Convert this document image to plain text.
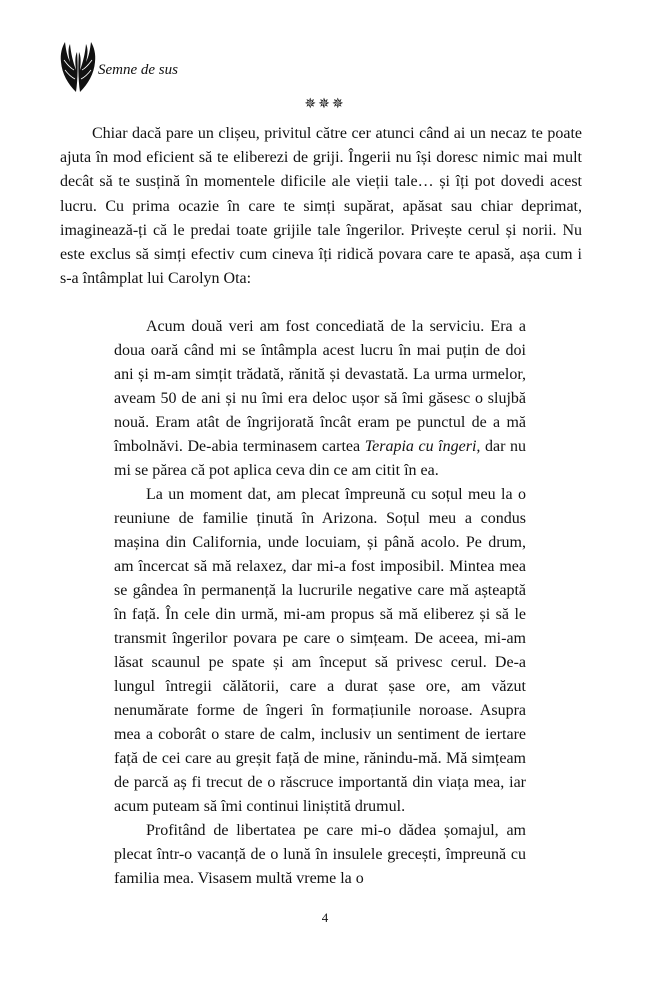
Semne de sus
✵✵✵

Chiar dacă pare un clișeu, privitul către cer atunci când ai un necaz te poate ajuta în mod eficient să te eliberezi de griji. Îngerii nu își doresc nimic mai mult decât să te susțină în momentele dificile ale vieții tale… și îți pot dovedi acest lucru. Cu prima ocazie în care te simți supărat, apăsat sau chiar deprimat, imaginează-ți că le predai toate grijile tale îngerilor. Privește cerul și norii. Nu este exclus să simți efectiv cum cineva îți ridică povara care te apasă, așa cum i s-a întâmplat lui Carolyn Ota:

Acum două veri am fost concediată de la serviciu. Era a doua oară când mi se întâmpla acest lucru în mai puțin de doi ani și m-am simțit trădată, rănită și devastată. La urma urmelor, aveam 50 de ani și nu îmi era deloc ușor să îmi găsesc o slujbă nouă. Eram atât de îngrijorată încât eram pe punctul de a mă îmbolnăvi. De-abia terminasem cartea Terapia cu îngeri, dar nu mi se părea că pot aplica ceva din ce am citit în ea.

La un moment dat, am plecat împreună cu soțul meu la o reuniune de familie ținută în Arizona. Soțul meu a condus mașina din California, unde locuiam, și până acolo. Pe drum, am încercat să mă relaxez, dar mi-a fost imposibil. Mintea mea se gândea în permanență la lucrurile negative care mă așteaptă în față. În cele din urmă, mi-am propus să mă eliberez și să le transmit îngerilor povara pe care o simțeam. De aceea, mi-am lăsat scaunul pe spate și am început să privesc cerul. De-a lungul întregii călătorii, care a durat șase ore, am văzut nenumărate forme de îngeri în formațiunile noroase. Asupra mea a coborât o stare de calm, inclusiv un sentiment de iertare față de cei care au greșit față de mine, rănindu-mă. Mă simțeam de parcă aș fi trecut de o răscruce importantă din viața mea, iar acum puteam să îmi continui liniștită drumul.

Profitând de libertatea pe care mi-o dădea șomajul, am plecat într-o vacanță de o lună în insulele grecești, împreună cu familia mea. Visasem multă vreme la o

4
